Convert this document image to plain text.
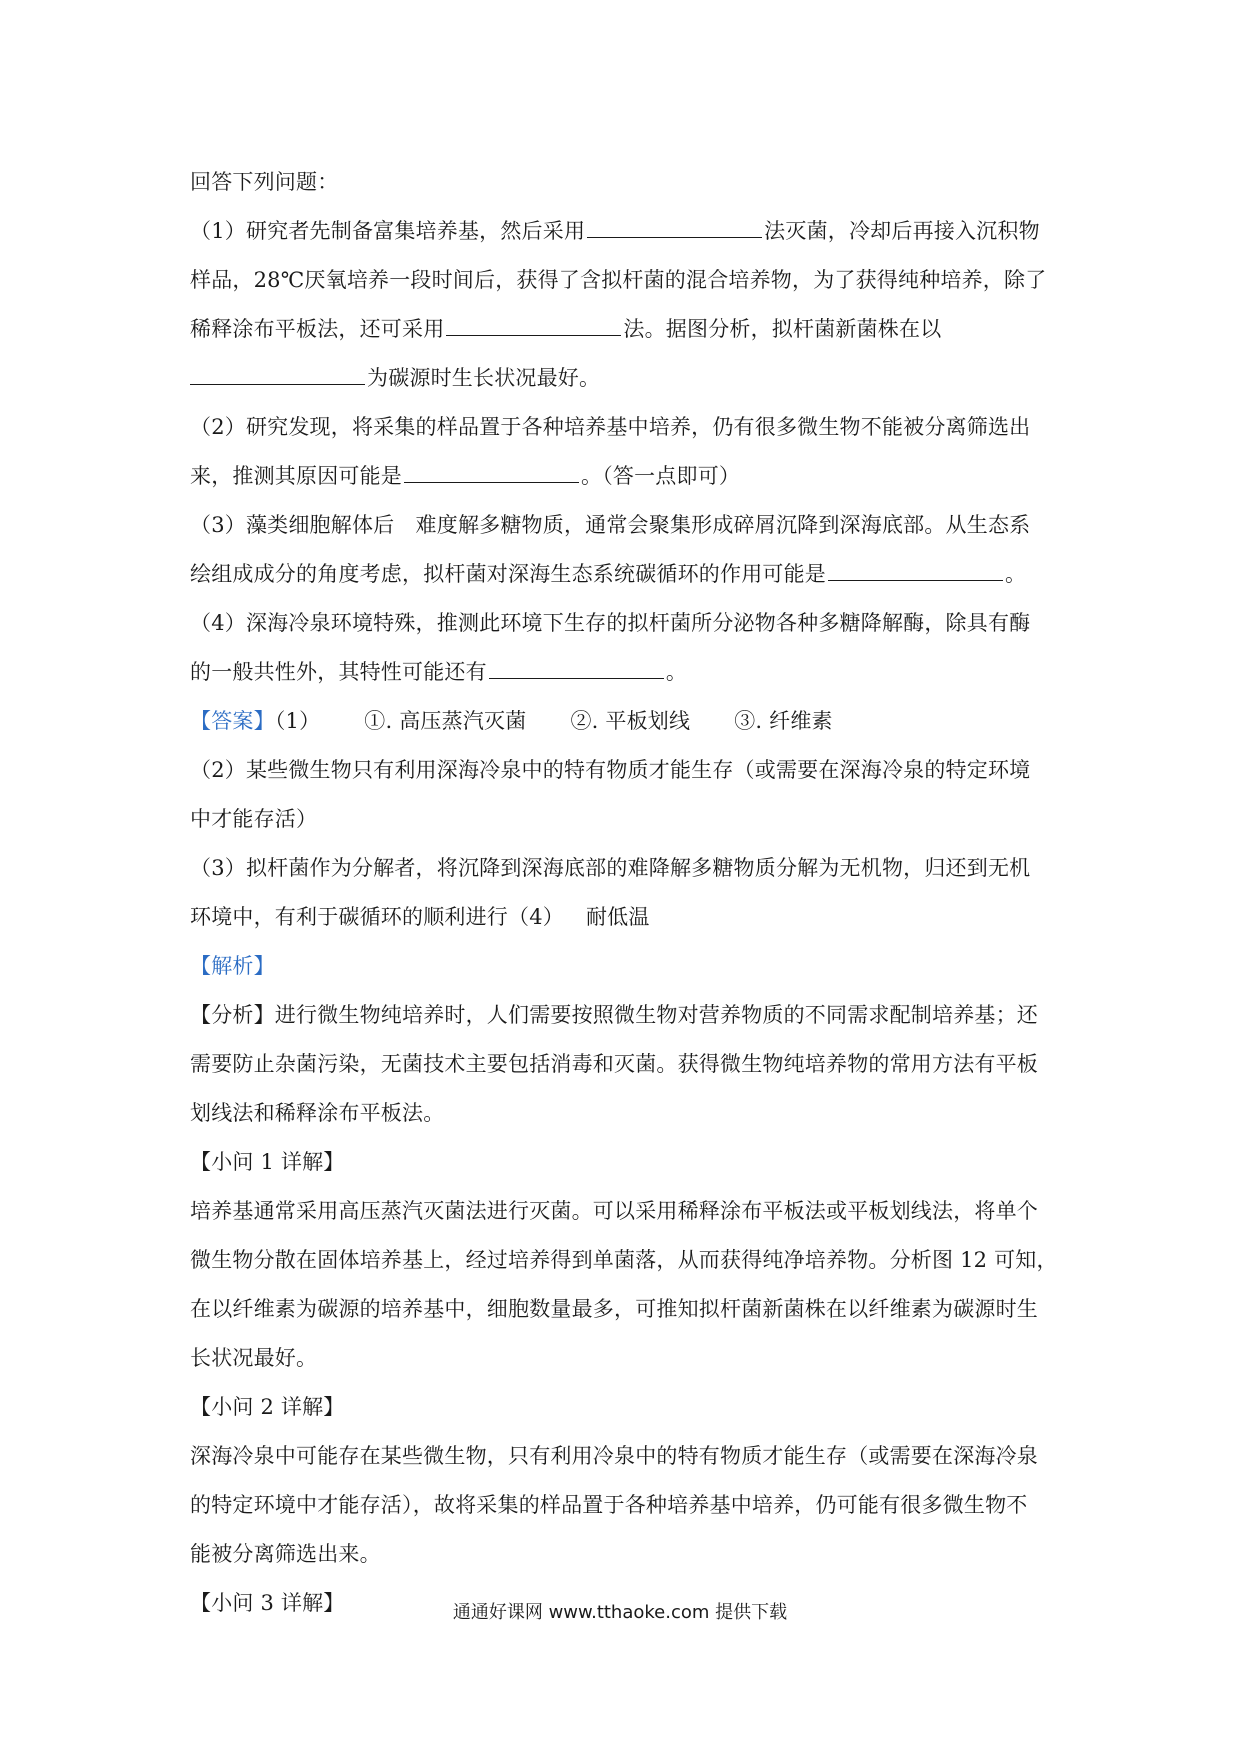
回答下列问题：
（1）研究者先制备富集培养基，然后采用	法灭菌，冷却后再接入沉积物
样品，28℃厌氧培养一段时间后，获得了含拟杆菌的混合培养物，为了获得纯种培养，除了
稀释涂布平板法，还可采用	法。据图分析，拟杆菌新菌株在以
为碳源时生长状况最好。
（2）研究发现，将采集的样品置于各种培养基中培养，仍有很多微生物不能被分离筛选出
来，推测其原因可能是	。（答一点即可）
（3）藻类细胞解体后　难度解多糖物质，通常会聚集形成碎屑沉降到深海底部。从生态系
绘组成成分的角度考虑，拟杆菌对深海生态系统碳循环的作用可能是	。
（4）深海冷泉环境特殊，推测此环境下生存的拟杆菌所分泌物各种多糖降解酶，除具有酶
的一般共性外，其特性可能还有	。
【答案】（1） ①. 高压蒸汽灭菌 ②. 平板划线 ③. 纤维素
（2）某些微生物只有利用深海冷泉中的特有物质才能生存（或需要在深海冷泉的特定环境
中才能存活）
（3）拟杆菌作为分解者，将沉降到深海底部的难降解多糖物质分解为无机物，归还到无机
环境中，有利于碳循环的顺利进行（4） 耐低温
【解析】
【分析】进行微生物纯培养时，人们需要按照微生物对营养物质的不同需求配制培养基；还
需要防止杂菌污染，无菌技术主要包括消毒和灭菌。获得微生物纯培养物的常用方法有平板
划线法和稀释涂布平板法。
【小问 1 详解】
培养基通常采用高压蒸汽灭菌法进行灭菌。可以采用稀释涂布平板法或平板划线法，将单个
微生物分散在固体培养基上，经过培养得到单菌落，从而获得纯净培养物。分析图 12 可知，
在以纤维素为碳源的培养基中，细胞数量最多，可推知拟杆菌新菌株在以纤维素为碳源时生
长状况最好。
【小问 2 详解】
深海冷泉中可能存在某些微生物，只有利用冷泉中的特有物质才能生存（或需要在深海冷泉
的特定环境中才能存活），故将采集的样品置于各种培养基中培养，仍可能有很多微生物不
能被分离筛选出来。
【小问 3 详解】	通通好课网 www.tthaoke.com 提供下载
